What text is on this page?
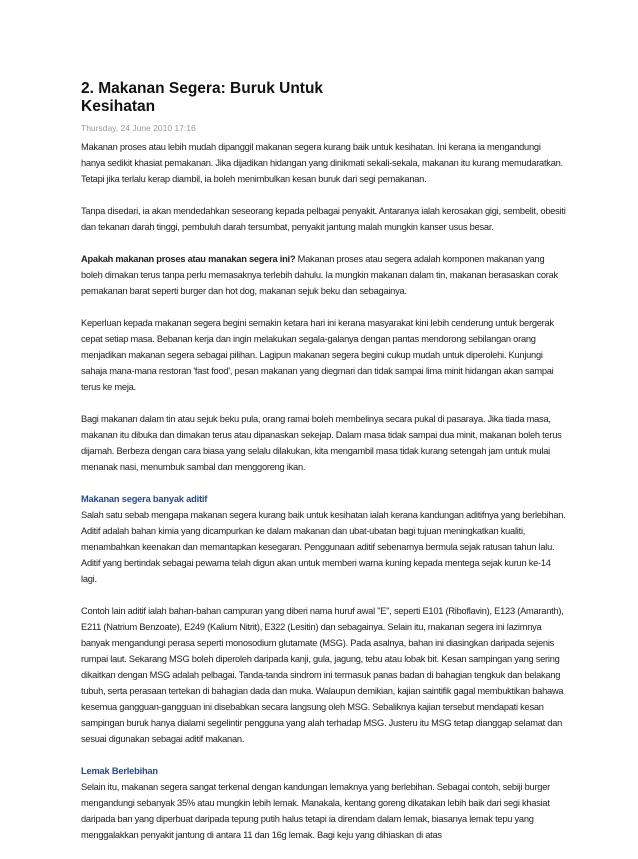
2. Makanan Segera: Buruk Untuk
Kesihatan
Thursday, 24 June 2010 17:16

Makanan proses atau lebih mudah dipanggil makanan segera kurang baik untuk kesihatan. Ini kerana ia mengandungi hanya sedikit khasiat pemakanan. Jika dijadikan hidangan yang dinikmati sekali-sekala, makanan itu kurang memudaratkan. Tetapi jika terlalu kerap diambil, ia boleh menimbulkan kesan buruk dari segi pemakanan.

Tanpa disedari, ia akan mendedahkan seseorang kepada pelbagai penyakit. Antaranya ialah kerosakan gigi, sembelit, obesiti dan tekanan darah tinggi, pembuluh darah tersumbat, penyakit jantung malah mungkin kanser usus besar.

Apakah makanan proses atau manakan segera ini? Makanan proses atau segera adalah komponen makanan yang boleh dimakan terus tanpa perlu memasaknya terlebih dahulu. Ia mungkin makanan dalam tin, makanan berasaskan corak pemakanan barat seperti burger dan hot dog, makanan sejuk beku dan sebagainya.

Keperluan kepada makanan segera begini semakin ketara hari ini kerana masyarakat kini lebih cenderung untuk bergerak cepat setiap masa. Bebanan kerja dan ingin melakukan segala-galanya dengan pantas mendorong sebilangan orang menjadikan makanan segera sebagai pilihan. Lagipun makanan segera begini cukup mudah untuk diperolehi. Kunjungi sahaja mana-mana restoran 'fast food', pesan makanan yang diegmari dan tidak sampai lima minit hidangan akan sampai terus ke meja.

Bagi makanan dalam tin atau sejuk beku pula, orang ramai boleh membelinya secara pukal di pasaraya. Jika tiada masa, makanan itu dibuka dan dimakan terus atau dipanaskan sekejap. Dalam masa tidak sampai dua minit, makanan boleh terus dijamah. Berbeza dengan cara biasa yang selalu dilakukan, kita mengambil masa tidak kurang setengah jam untuk mulai menanak nasi, menumbuk sambal dan menggoreng ikan.

Makanan segera banyak aditif

Salah satu sebab mengapa makanan segera kurang baik untuk kesihatan ialah kerana kandungan aditifnya yang berlebihan. Aditif adalah bahan kimia yang dicampurkan ke dalam makanan dan ubat-ubatan bagi tujuan meningkatkan kualiti, menambahkan keenakan dan memantapkan kesegaran. Penggunaan aditif sebenarnya bermula sejak ratusan tahun lalu. Aditif yang bertindak sebagai pewarna telah digun akan untuk memberi warna kuning kepada mentega sejak kurun ke-14 lagi.

Contoh lain aditif ialah bahan-bahan campuran yang diberi nama huruf awal "E", seperti E101 (Riboflavin), E123 (Amaranth), E211 (Natrium Benzoate), E249 (Kalium Nitrit), E322 (Lesitin) dan sebagainya. Selain itu, makanan segera ini lazimnya banyak mengandungi perasa seperti monosodium glutamate (MSG). Pada asalnya, bahan ini diasingkan daripada sejenis rumpai laut. Sekarang MSG boleh diperoleh daripada kanji, gula, jagung, tebu atau lobak bit. Kesan sampingan yang sering dikaitkan dengan MSG adalah pelbagai. Tanda-tanda sindrom ini termasuk panas badan di bahagian tengkuk dan belakang tubuh, serta perasaan tertekan di bahagian dada dan muka. Walaupun demikian, kajian saintifik gagal membuktikan bahawa kesemua gangguan-gangguan ini disebabkan secara langsung oleh MSG. Sebaliknya kajian tersebut mendapati kesan sampingan buruk hanya dialami segelintir pengguna yang alah terhadap MSG. Justeru itu MSG tetap dianggap selamat dan sesuai digunakan sebagai aditif makanan.

Lemak Berlebihan

Selain itu, makanan segera sangat terkenal dengan kandungan lemaknya yang berlebihan. Sebagai contoh, sebiji burger mengandungi sebanyak 35% atau mungkin lebih lemak. Manakala, kentang goreng dikatakan lebih baik dari segi khasiat daripada ban yang diperbuat daripada tepung putih halus tetapi ia direndam dalam lemak, biasanya lemak tepu yang menggalakkan penyakit jantung di antara 11 dan 16g lemak. Bagi keju yang dihiaskan di atas
